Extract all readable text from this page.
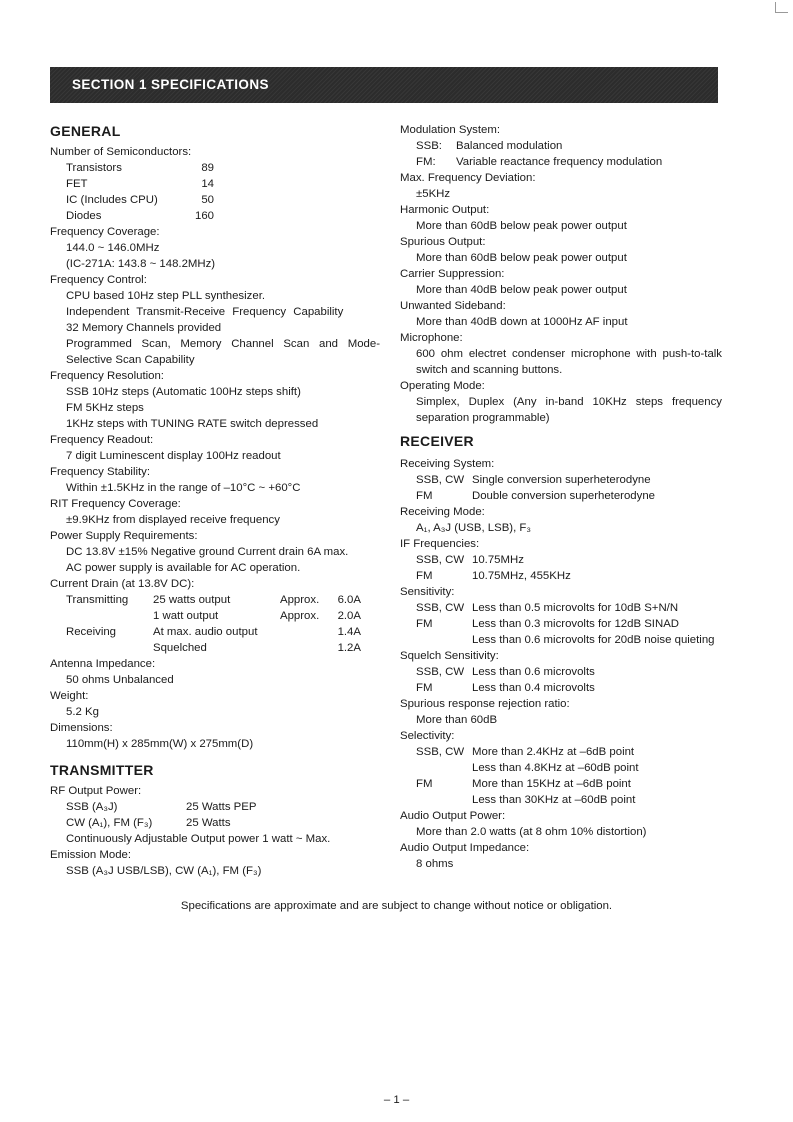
SECTION 1 SPECIFICATIONS
GENERAL
Number of Semiconductors:
Transistors	89
FET	14
IC (Includes CPU)	50
Diodes	160
Frequency Coverage:
144.0 ~ 146.0MHz
(IC-271A: 143.8 ~ 148.2MHz)
Frequency Control:
CPU based 10Hz step PLL synthesizer.
Independent Transmit-Receive Frequency Capability
32 Memory Channels provided
Programmed Scan, Memory Channel Scan and Mode-Selective Scan Capability
Frequency Resolution:
SSB 10Hz steps (Automatic 100Hz steps shift)
FM 5KHz steps
1KHz steps with TUNING RATE switch depressed
Frequency Readout:
7 digit Luminescent display 100Hz readout
Frequency Stability:
Within ±1.5KHz in the range of –10°C ~ +60°C
RIT Frequency Coverage:
±9.9KHz from displayed receive frequency
Power Supply Requirements:
DC 13.8V ±15% Negative ground Current drain 6A max.
AC power supply is available for AC operation.
Current Drain (at 13.8V DC):
Transmitting	25 watts output	Approx.	6.0A
1 watt output	Approx.	2.0A
Receiving	At max. audio output	1.4A
Squelched	1.2A
Antenna Impedance:
50 ohms Unbalanced
Weight:
5.2 Kg
Dimensions:
110mm(H) x 285mm(W) x 275mm(D)
TRANSMITTER
RF Output Power:
SSB (A₃J)	25 Watts PEP
CW (A₁), FM (F₃)	25 Watts
Continuously Adjustable Output power 1 watt ~ Max.
Emission Mode:
SSB (A₃J USB/LSB), CW (A₁), FM (F₃)
Modulation System:
SSB:	Balanced modulation
FM:	Variable reactance frequency modulation
Max. Frequency Deviation:
±5KHz
Harmonic Output:
More than 60dB below peak power output
Spurious Output:
More than 60dB below peak power output
Carrier Suppression:
More than 40dB below peak power output
Unwanted Sideband:
More than 40dB down at 1000Hz AF input
Microphone:
600 ohm electret condenser microphone with push-to-talk switch and scanning buttons.
Operating Mode:
Simplex, Duplex (Any in-band 10KHz steps frequency separation programmable)
RECEIVER
Receiving System:
SSB, CW Single conversion superheterodyne
FM	Double conversion superheterodyne
Receiving Mode:
A₁, A₃J (USB, LSB), F₃
IF Frequencies:
SSB, CW 10.75MHz
FM	10.75MHz, 455KHz
Sensitivity:
SSB, CW Less than 0.5 microvolts for 10dB S+N/N
FM	Less than 0.3 microvolts for 12dB SINAD
Less than 0.6 microvolts for 20dB noise quieting
Squelch Sensitivity:
SSB, CW Less than 0.6 microvolts
FM	Less than 0.4 microvolts
Spurious response rejection ratio:
More than 60dB
Selectivity:
SSB, CW More than 2.4KHz at –6dB point
Less than 4.8KHz at –60dB point
FM	More than 15KHz at –6dB point
Less than 30KHz at –60dB point
Audio Output Power:
More than 2.0 watts (at 8 ohm 10% distortion)
Audio Output Impedance:
8 ohms
Specifications are approximate and are subject to change without notice or obligation.
– 1 –
